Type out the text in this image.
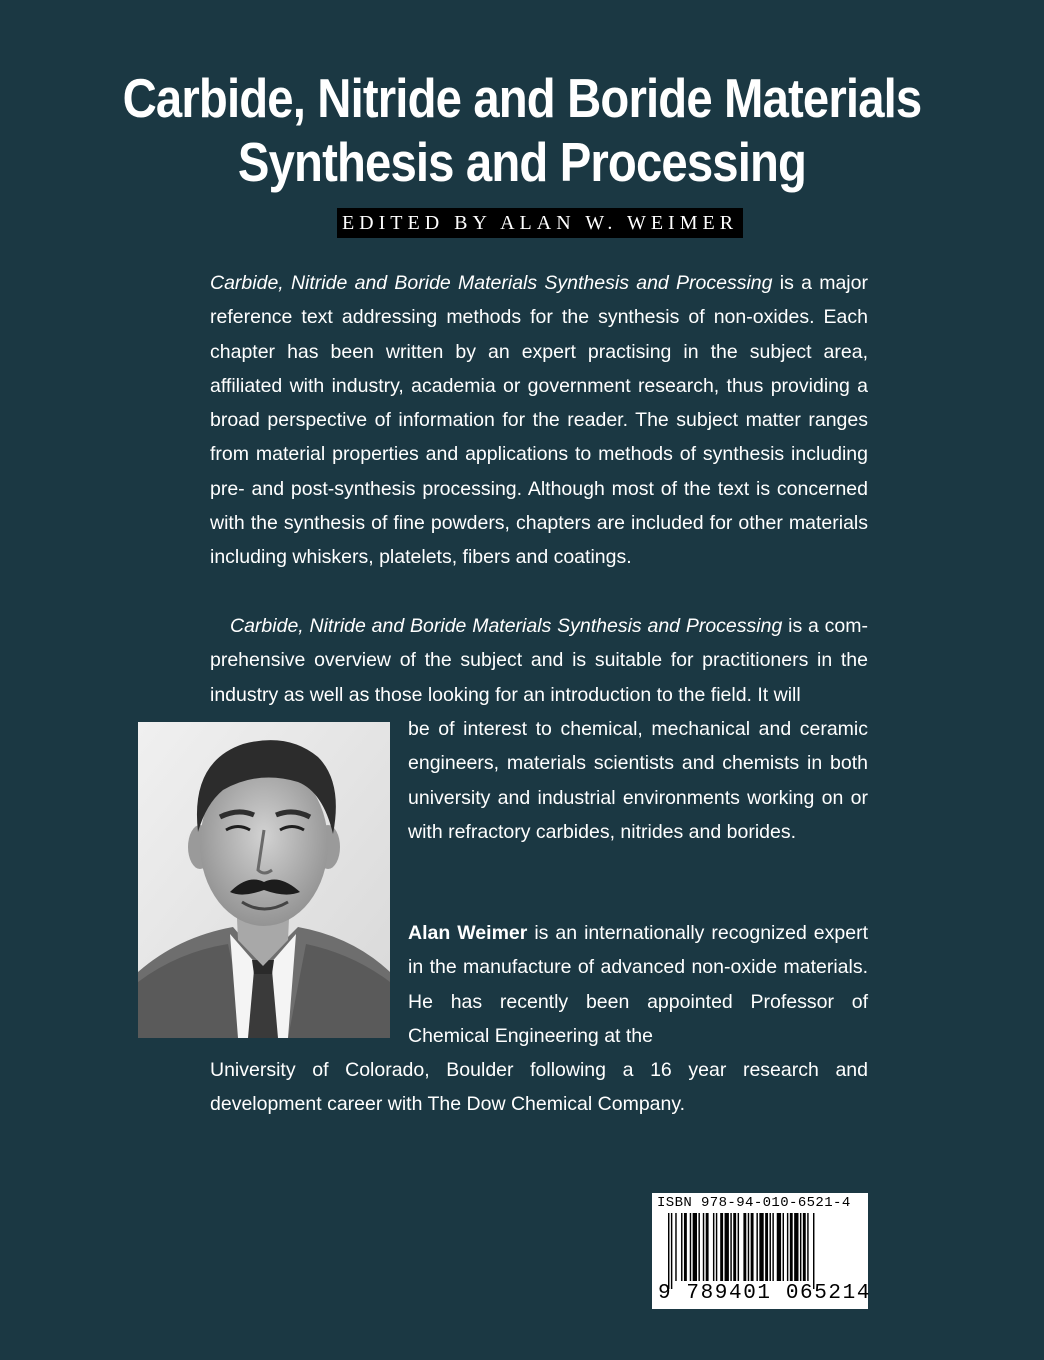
Carbide, Nitride and Boride Materials
Synthesis and Processing
EDITED BY ALAN W. WEIMER
Carbide, Nitride and Boride Materials Synthesis and Processing is a major reference text addressing methods for the synthesis of non-oxides. Each chapter has been written by an expert practising in the subject area, affiliated with industry, academia or government research, thus providing a broad perspective of information for the reader. The subject matter ranges from material properties and applications to methods of synthesis including pre- and post-synthesis processing. Although most of the text is concerned with the synthesis of fine powders, chapters are included for other materials including whiskers, platelets, fibers and coatings.
Carbide, Nitride and Boride Materials Synthesis and Processing is a com-prehensive overview of the subject and is suitable for practitioners in the industry as well as those looking for an introduction to the field. It will
be of interest to chemical, mechanical and ceramic engineers, materials scientists and chemists in both university and industrial environments working on or with refractory carbides, nitrides and borides.
Alan Weimer is an internationally recognized expert in the manufacture of advanced non-oxide materials. He has recently been appointed Professor of Chemical Engineering at the
University of Colorado, Boulder following a 16 year research and development career with The Dow Chemical Company.
ISBN 978-94-010-6521-4
9 789401 065214
